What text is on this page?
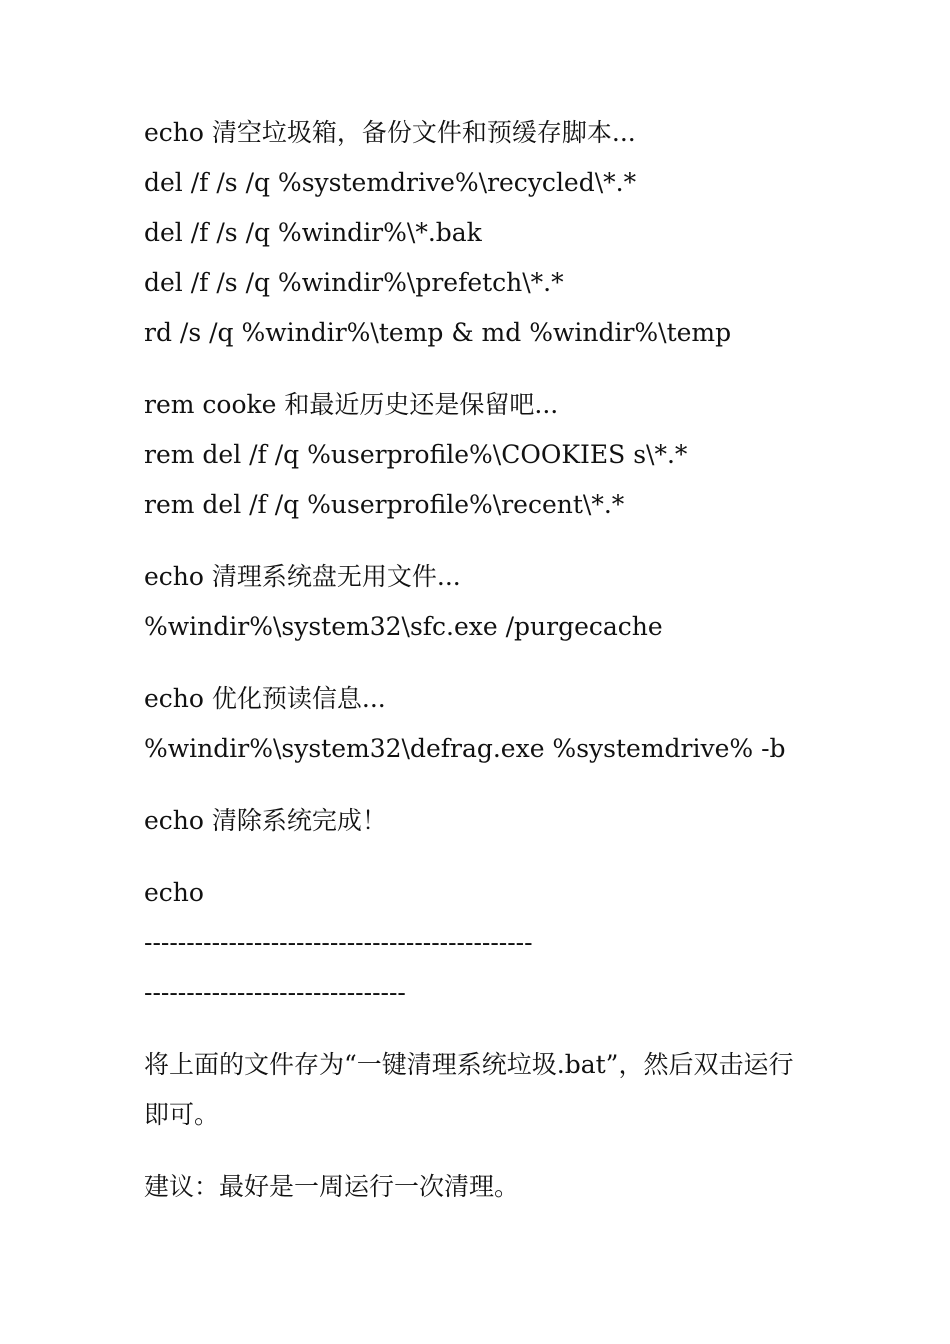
echo 清空垃圾箱，备份文件和预缓存脚本...
del /f /s /q %systemdrive%\recycled\*.*
del /f /s /q %windir%\*.bak
del /f /s /q %windir%\prefetch\*.*
rd /s /q %windir%\temp & md %windir%\temp
rem cooke 和最近历史还是保留吧...
rem del /f /q %userprofile%\COOKIES s\*.*
rem del /f /q %userprofile%\recent\*.*
echo 清理系统盘无用文件...
%windir%\system32\sfc.exe /purgecache
echo 优化预读信息...
%windir%\system32\defrag.exe %systemdrive% -b
echo 清除系统完成！
echo
----------------------------------------------
-------------------------------
将上面的文件存为“一键清理系统垃圾.bat”，然后双击运行即可。
建议：最好是一周运行一次清理。
